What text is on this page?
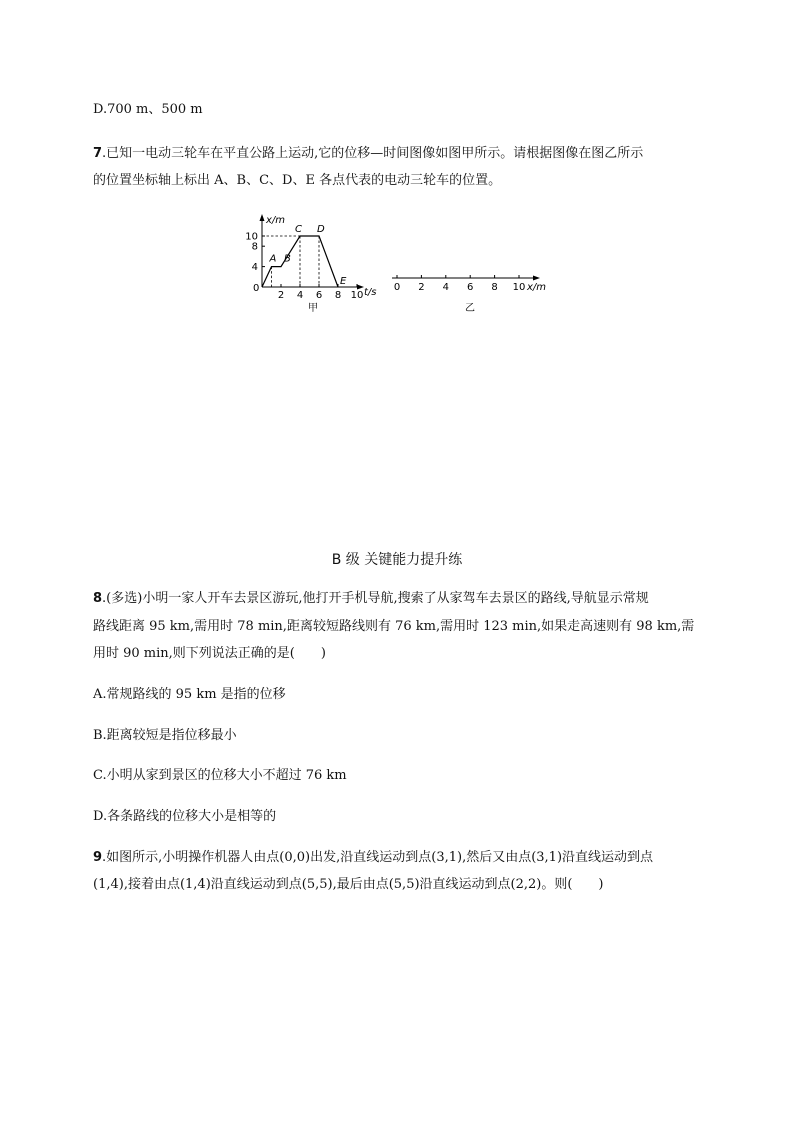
D.700 m、500 m
7.已知一电动三轮车在平直公路上运动,它的位移—时间图像如图甲所示。请根据图像在图乙所示
的位置坐标轴上标出 A、B、C、D、E 各点代表的电动三轮车的位置。
x/m
t/s
0
10
8
4
2 4 6 8 10
A B
C D
E
甲
0 2 4 6 8 10 x/m
乙
B 级 关键能力提升练
8.(多选)小明一家人开车去景区游玩,他打开手机导航,搜索了从家驾车去景区的路线,导航显示常规
路线距离 95 km,需用时 78 min,距离较短路线则有 76 km,需用时 123 min,如果走高速则有 98 km,需
用时 90 min,则下列说法正确的是(　　)
A.常规路线的 95 km 是指的位移
B.距离较短是指位移最小
C.小明从家到景区的位移大小不超过 76 km
D.各条路线的位移大小是相等的
9.如图所示,小明操作机器人由点(0,0)出发,沿直线运动到点(3,1),然后又由点(3,1)沿直线运动到点
(1,4),接着由点(1,4)沿直线运动到点(5,5),最后由点(5,5)沿直线运动到点(2,2)。则(　　)
